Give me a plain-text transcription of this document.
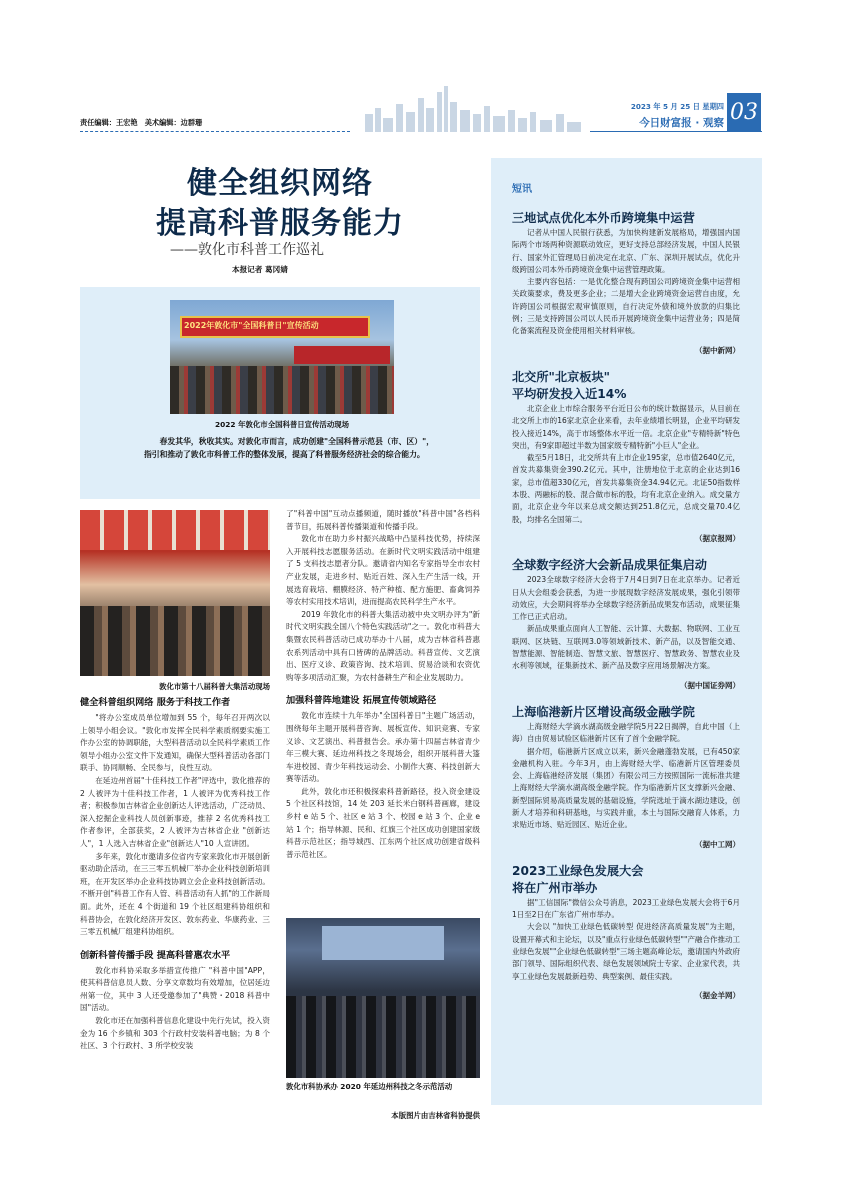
责任编辑：王宏艳　美术编辑：边群珊
2023 年 5 月 25 日 星期四
今日财富报 · 观察 03
健全组织网络
提高科普服务能力
——敦化市科普工作巡礼
本报记者 葛冈婧
2022年敦化市"全国科普日"宣传活动
2022 年敦化市全国科普日宣传活动现场
春发其华，秋收其实。对敦化市而言，成功创建"全国科普示范县（市、区）"，指引和推动了敦化市科普工作的整体发展，提高了科普服务经济社会的综合能力。
敦化市第十八届科普大集活动现场
健全科普组织网络 服务于科技工作者
"将办公室成员单位增加到 55 个，每年召开两次以上领导小组会议。"敦化市发挥全民科学素质纲要实施工作办公室的协调职能，大型科普活动以全民科学素质工作领导小组办公室文件下发通知，确保大型科普活动各部门联手、协同顺畅、全民参与，良性互动。
在延边州首届"十佳科技工作者"评选中，敦化推荐的 2 人被评为十佳科技工作者，1 人被评为优秀科技工作者；积极参加吉林省企业创新达人评选活动，广泛动员、深入挖掘企业科技人员创新事迹，推荐 2 名优秀科技工作者参评，全部获奖，2 人被评为吉林省企业 "创新达人"，1 人选入吉林省企业"创新达人"10 人宣讲团。
多年来，敦化市邀请多位省内专家来敦化市开展创新驱动助企活动，在三三零五机械厂举办企业科技创新培训班，在开发区举办企业科技协调立会企业科技创新活动。不断开创"科普工作有人管、科普活动有人抓"的工作新局面。此外，还在 4 个街道和 19 个社区组建科协组织和科普协会，在敦化经济开发区、敦东药业、华康药业、三三零五机械厂组建科协组织。
创新科普传播手段 提高科普惠农水平
敦化市科协采取多举措宣传推广 "科普中国"APP，使其科普信息员人数、分享文章数均有效增加，位居延边州第一位，其中 3 人还受邀参加了"典赞・2018 科普中国"活动。
敦化市还在加强科普信息化建设中先行先试，投入资金为 16 个乡镇和 303 个行政村安装科普电脑；为 8 个社区、3 个行政村、3 所学校安装
了"科普中国"互动点播频道，随时播放"科普中国"各档科普节目，拓展科普传播渠道和传播手段。
敦化市在助力乡村振兴战略中凸显科技优势，持续深入开展科技志愿服务活动。在新时代文明实践活动中组建了 5 支科技志愿者分队。邀请省内知名专家指导全市农村产业发展，走进乡村、贴近百姓、深入生产生活一线，开展选育栽培、棚膜经济、特产种植、配方施肥、畜禽饲养等农村实用技术培训，进而提高农民科学生产水平。
2019 年敦化市的科普大集活动被中央文明办评为"新时代文明实践全国八个特色实践活动"之一。敦化市科普大集暨农民科普活动已成功举办十八届，成为吉林省科普惠农系列活动中具有口皆碑的品牌活动。科普宣传、文艺演出、医疗义诊、政策咨询、技术培训、贸易洽谈和农资优购等多项活动汇聚，为农村备耕生产和企业发展助力。
加强科普阵地建设 拓展宣传领域路径
敦化市连续十九年举办"全国科普日"主题广场活动，围绕每年主题开展科普咨询、展板宣传、知识竞赛、专家义诊、文艺演出、科普报告会。承办第十四届吉林省青少年三模大赛、延边州科技之冬现场会，组织开展科普大篷车进校园、青少年科技运动会、小制作大赛、科技创新大赛等活动。
此外，敦化市还积极探索科普新路径，投入资金建设 5 个社区科技馆，14 处 203 延长米白钢科普画廊，建设乡村 e 站 5 个、社区 e 站 3 个、校园 e 站 3 个、企业 e 站 1 个；指导林源、民和、红旗三个社区成功创建国家级科普示范社区；指导城西、江东两个社区成功创建省级科普示范社区。
敦化市科协承办 2020 年延边州科技之冬示范活动
本版图片由吉林省科协提供
短讯
三地试点优化本外币跨境集中运营
记者从中国人民银行获悉，为加快构建新发展格局，增强国内国际两个市场两种资源联动效应，更好支持总部经济发展，中国人民银行、国家外汇管理局日前决定在北京、广东、深圳开展试点，优化升级跨国公司本外币跨境资金集中运营管理政策。
主要内容包括：一是优化整合现有跨国公司跨境资金集中运营相关政策要求，费及更多企业；二是增大企业跨境资金运营自由度，允许跨国公司根据宏观审慎原则，自行决定外债和境外放款的归集比例；三是支持跨国公司以人民币开展跨境资金集中运营业务；四是简化备案流程及资金使用相关材料审核。
（据中新网）
北交所"北京板块"
平均研发投入近14%
北京企业上市综合服务平台近日公布的统计数据显示，从目前在北交所上市的16家北京企业来看，去年业绩增长明显，企业平均研发投入接近14%，高于市场整体水平近一倍。北京企业"专精特新"特色突出，有9家即超过半数为国家级专精特新"小巨人"企业。
截至5月18日，北交所共有上市企业195家，总市值2640亿元，首发共募集资金390.2亿元。其中，注册地位于北京的企业达到16家，总市值超330亿元，首发共募集资金34.94亿元。北证50指数样本股、两融标的股、混合做市标的股，均有北京企业纳入。成交量方面，北京企业今年以来总成交额达到251.8亿元，总成交量70.4亿股，均排名全国第二。
（据京报网）
全球数字经济大会新品成果征集启动
2023全球数字经济大会将于7月4日到7日在北京举办。记者近日从大会组委会获悉，为进一步展现数字经济发展成果，强化引领带动效应，大会期间将举办全球数字经济新品成果发布活动，成果征集工作已正式启动。
新品成果重点面向人工智能、云计算、大数据、物联网、工业互联网、区块链、互联网3.0等领域新技术、新产品，以及智能交通、智慧能源、智能制造、智慧文旅、智慧医疗、智慧政务、智慧农业及水利等领域，征集新技术、新产品及数字应用场景解决方案。
（据中国证券网）
上海临港新片区增设高级金融学院
上海财经大学滴水湖高级金融学院5月22日揭牌，自此中国（上海）自由贸易试验区临港新片区有了首个金融学院。
据介绍，临港新片区成立以来，新兴金融蓬勃发展，已有450家金融机构入驻。今年3月，由上海财经大学、临港新片区管理委员会、上海临港经济发展（集团）有限公司三方按照国际一流标准共建上海财经大学滴水湖高级金融学院。作为临港新片区支撑新兴金融、新型国际贸易高质量发展的基础设施，学院选址于滴水湖边建设，创新人才培养和科研基地，与实践并重，本土与国际交融育人体系，力求贴近市场、贴近园区、贴近企业。
（据中工网）
2023工业绿色发展大会
将在广州市举办
据"工信国际"微信公众号消息，2023工业绿色发展大会将于6月1日至2日在广东省广州市举办。
大会以 "加快工业绿色低碳转型 促进经济高质量发展"为主题，设置开幕式和主论坛，以及"重点行业绿色低碳转型""产融合作推动工业绿色发展""企业绿色低碳转型"三场主题高峰论坛，邀请国内外政府部门领导、国际组织代表、绿色发展领域院士专家、企业家代表，共享工业绿色发展最新趋势、典型案例、最佳实践。
（据金羊网）
